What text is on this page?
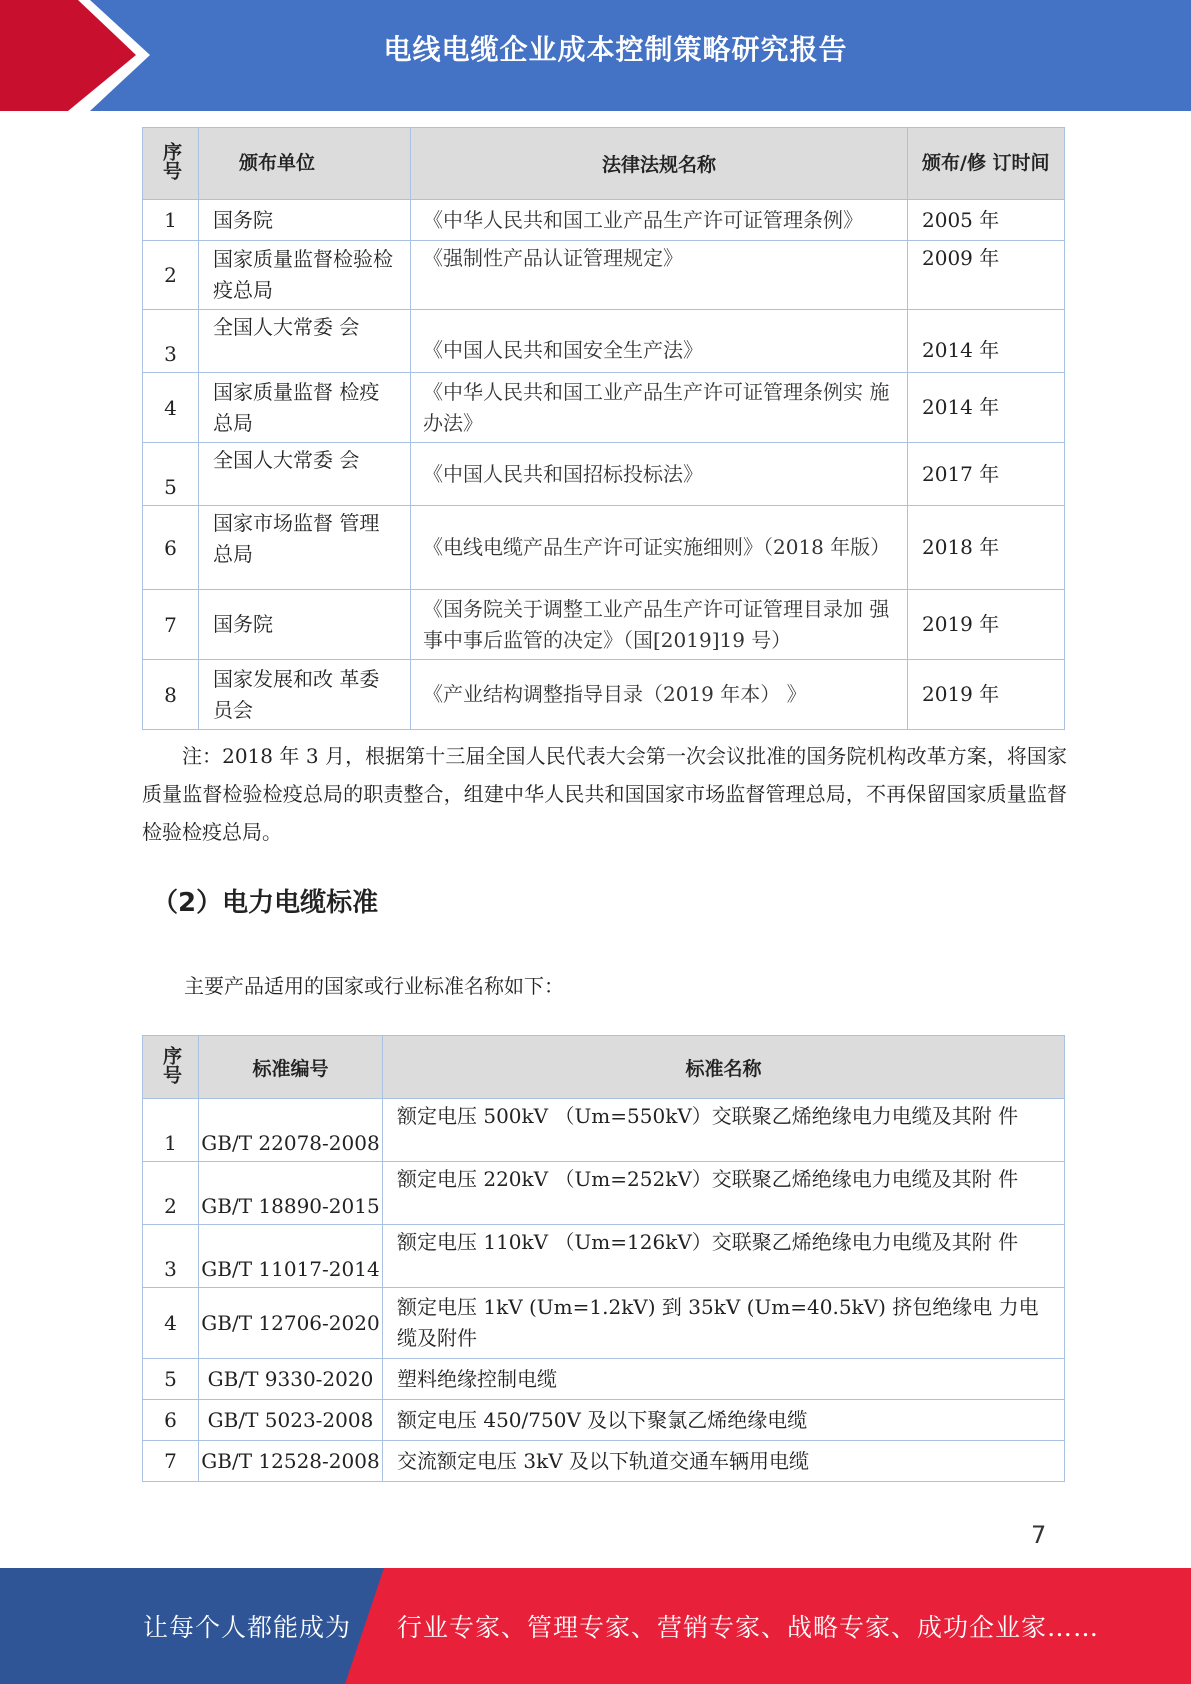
电线电缆企业成本控制策略研究报告
序号	颁布单位	法律法规名称	颁布/修 订时间
1	国务院	《中华人民共和国工业产品生产许可证管理条例》	2005 年
2	国家质量监督检验检疫总局	《强制性产品认证管理规定》	2009 年
3	全国人大常委 会	《中国人民共和国安全生产法》	2014 年
4	国家质量监督 检疫总局	《中华人民共和国工业产品生产许可证管理条例实 施办法》	2014 年
5	全国人大常委 会	《中国人民共和国招标投标法》	2017 年
6	国家市场监督 管理总局	《电线电缆产品生产许可证实施细则》（2018 年版）	2018 年
7	国务院	《国务院关于调整工业产品生产许可证管理目录加 强事中事后监管的决定》（国[2019]19 号）	2019 年
8	国家发展和改 革委员会	《产业结构调整指导目录（2019 年本） 》	2019 年

注：2018 年 3 月，根据第十三届全国人民代表大会第一次会议批准的国务院机构改革方案，将国家质量监督检验检疫总局的职责整合，组建中华人民共和国国家市场监督管理总局，不再保留国家质量监督检验检疫总局。

（2）电力电缆标准
主要产品适用的国家或行业标准名称如下：
序号	标准编号	标准名称
1	GB/T 22078-2008	额定电压 500kV （Um=550kV）交联聚乙烯绝缘电力电缆及其附 件
2	GB/T 18890-2015	额定电压 220kV （Um=252kV）交联聚乙烯绝缘电力电缆及其附 件
3	GB/T 11017-2014	额定电压 110kV （Um=126kV）交联聚乙烯绝缘电力电缆及其附 件
4	GB/T 12706-2020	额定电压 1kV (Um=1.2kV) 到 35kV (Um=40.5kV) 挤包绝缘电 力电缆及附件
5	GB/T 9330-2020	塑料绝缘控制电缆
6	GB/T 5023-2008	额定电压 450/750V 及以下聚氯乙烯绝缘电缆
7	GB/T 12528-2008	交流额定电压 3kV 及以下轨道交通车辆用电缆
7
让每个人都能成为 行业专家、管理专家、营销专家、战略专家、成功企业家……
